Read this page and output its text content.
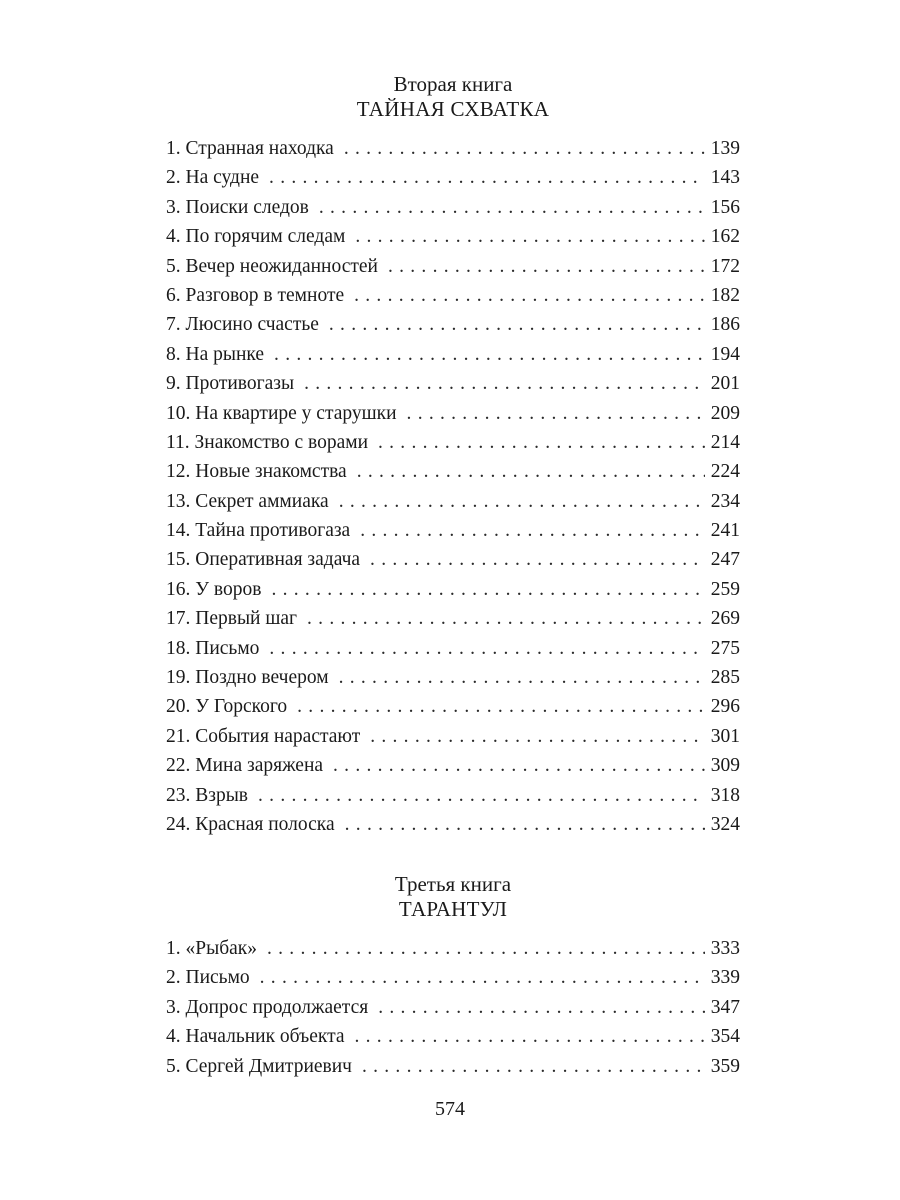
Вторая книга
ТАЙНАЯ СХВАТКА
1. Странная находка . . .	139
2. На судне . . .	143
3. Поиски следов . . .	156
4. По горячим следам . . .	162
5. Вечер неожиданностей . . .	172
6. Разговор в темноте . . .	182
7. Люсино счастье . . .	186
8. На рынке . . .	194
9. Противогазы . . .	201
10. На квартире у старушки . . .	209
11. Знакомство с ворами . . .	214
12. Новые знакомства . . .	224
13. Секрет аммиака . . .	234
14. Тайна противогаза . . .	241
15. Оперативная задача . . .	247
16. У воров . . .	259
17. Первый шаг . . .	269
18. Письмо . . .	275
19. Поздно вечером . . .	285
20. У Горского . . .	296
21. События нарастают . . .	301
22. Мина заряжена . . .	309
23. Взрыв . . .	318
24. Красная полоска . . .	324
Третья книга
ТАРАНТУЛ
1. «Рыбак» . . .	333
2. Письмо . . .	339
3. Допрос продолжается . . .	347
4. Начальник объекта . . .	354
5. Сергей Дмитриевич . . .	359
574
